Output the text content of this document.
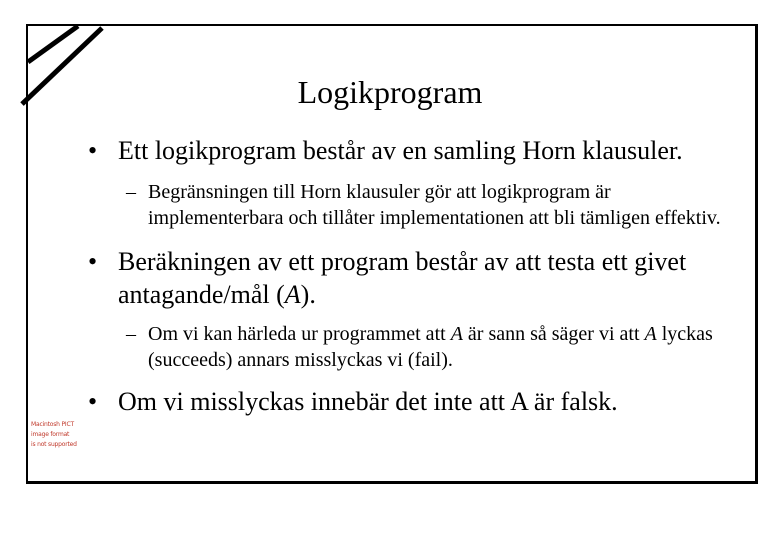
Logikprogram
• Ett logikprogram består av en samling Horn klausuler.
– Begränsningen till Horn klausuler gör att logikprogram är implementerbara och tillåter implementationen att bli tämligen effektiv.
• Beräkningen av ett program består av att testa ett givet antagande/mål (A).
– Om vi kan härleda ur programmet att A är sann så säger vi att A lyckas (succeeds) annars misslyckas vi (fail).
• Om vi misslyckas innebär det inte att A är falsk.
Macintosh PICT
image format
is not supported
